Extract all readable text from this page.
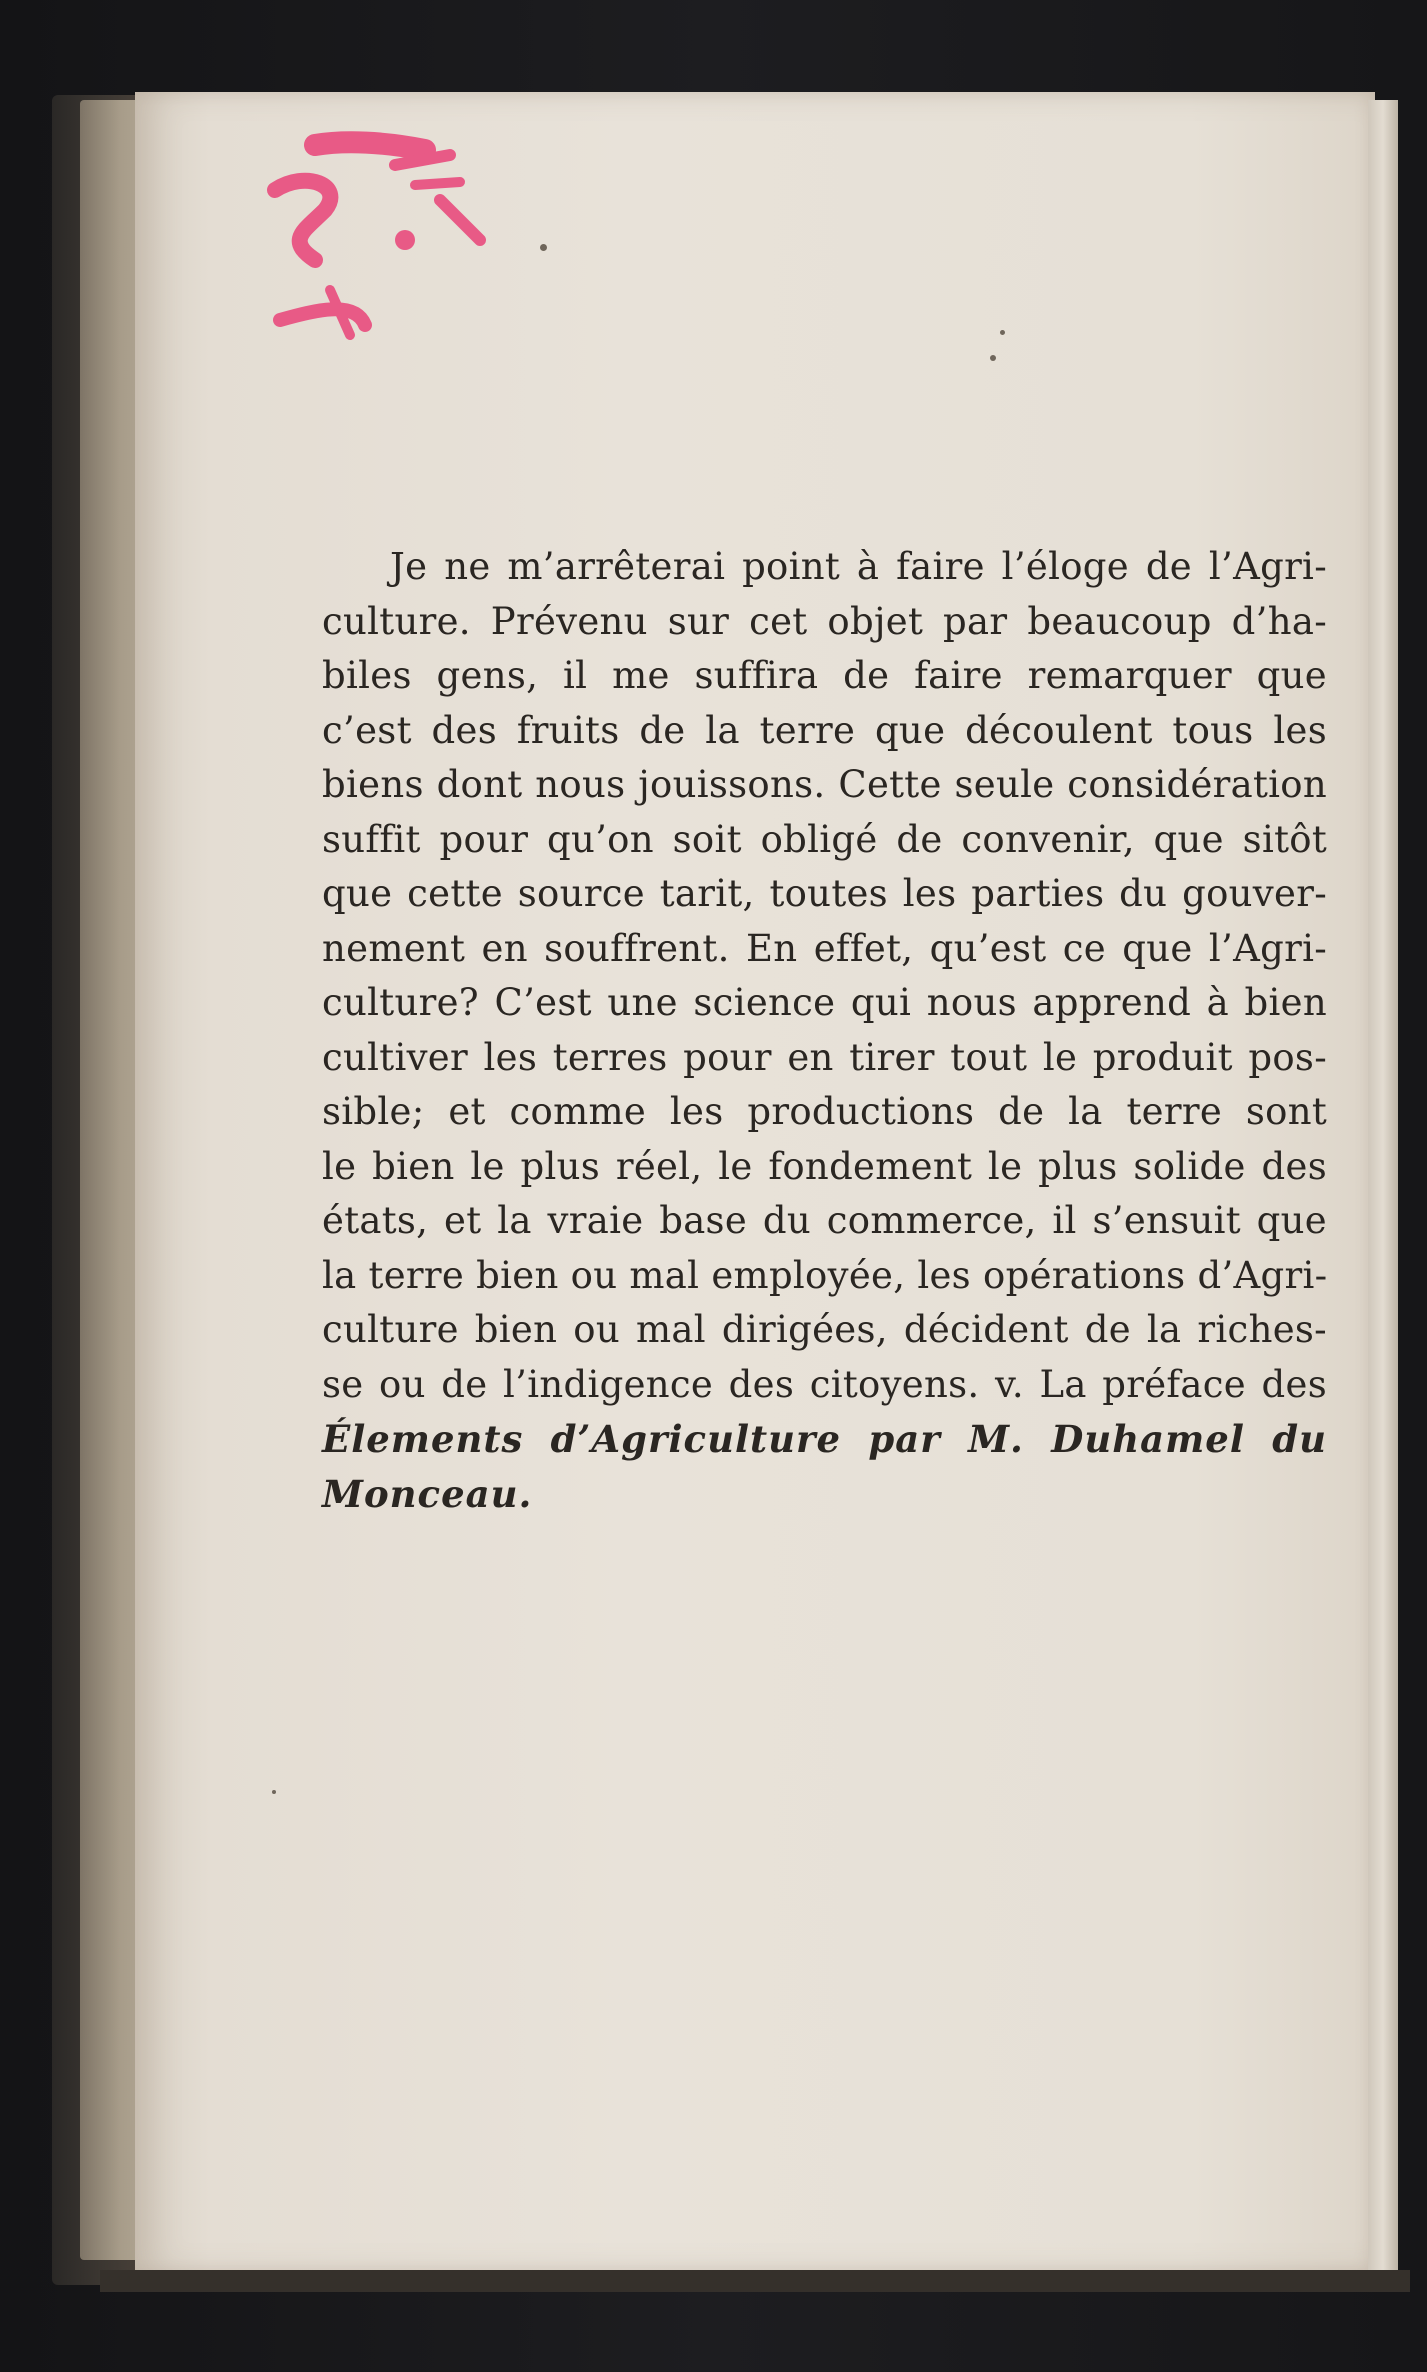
Je ne m’arrêterai point à faire l’éloge de l’Agri-
culture. Prévenu sur cet objet par beaucoup d’ha-
biles gens, il me suffira de faire remarquer que
c’est des fruits de la terre que découlent tous les
biens dont nous jouissons. Cette seule considération
suffit pour qu’on soit obligé de convenir, que sitôt
que cette source tarit, toutes les parties du gouver-
nement en souffrent. En effet, qu’est ce que l’Agri-
culture? C’est une science qui nous apprend à bien
cultiver les terres pour en tirer tout le produit pos-
sible; et comme les productions de la terre sont
le bien le plus réel, le fondement le plus solide des
états, et la vraie base du commerce, il s’ensuit que
la terre bien ou mal employée, les opérations d’Agri-
culture bien ou mal dirigées, décident de la riches-
se ou de l’indigence des citoyens. v. La préface des
Élements d’Agriculture par M. Duhamel du
Monceau.
